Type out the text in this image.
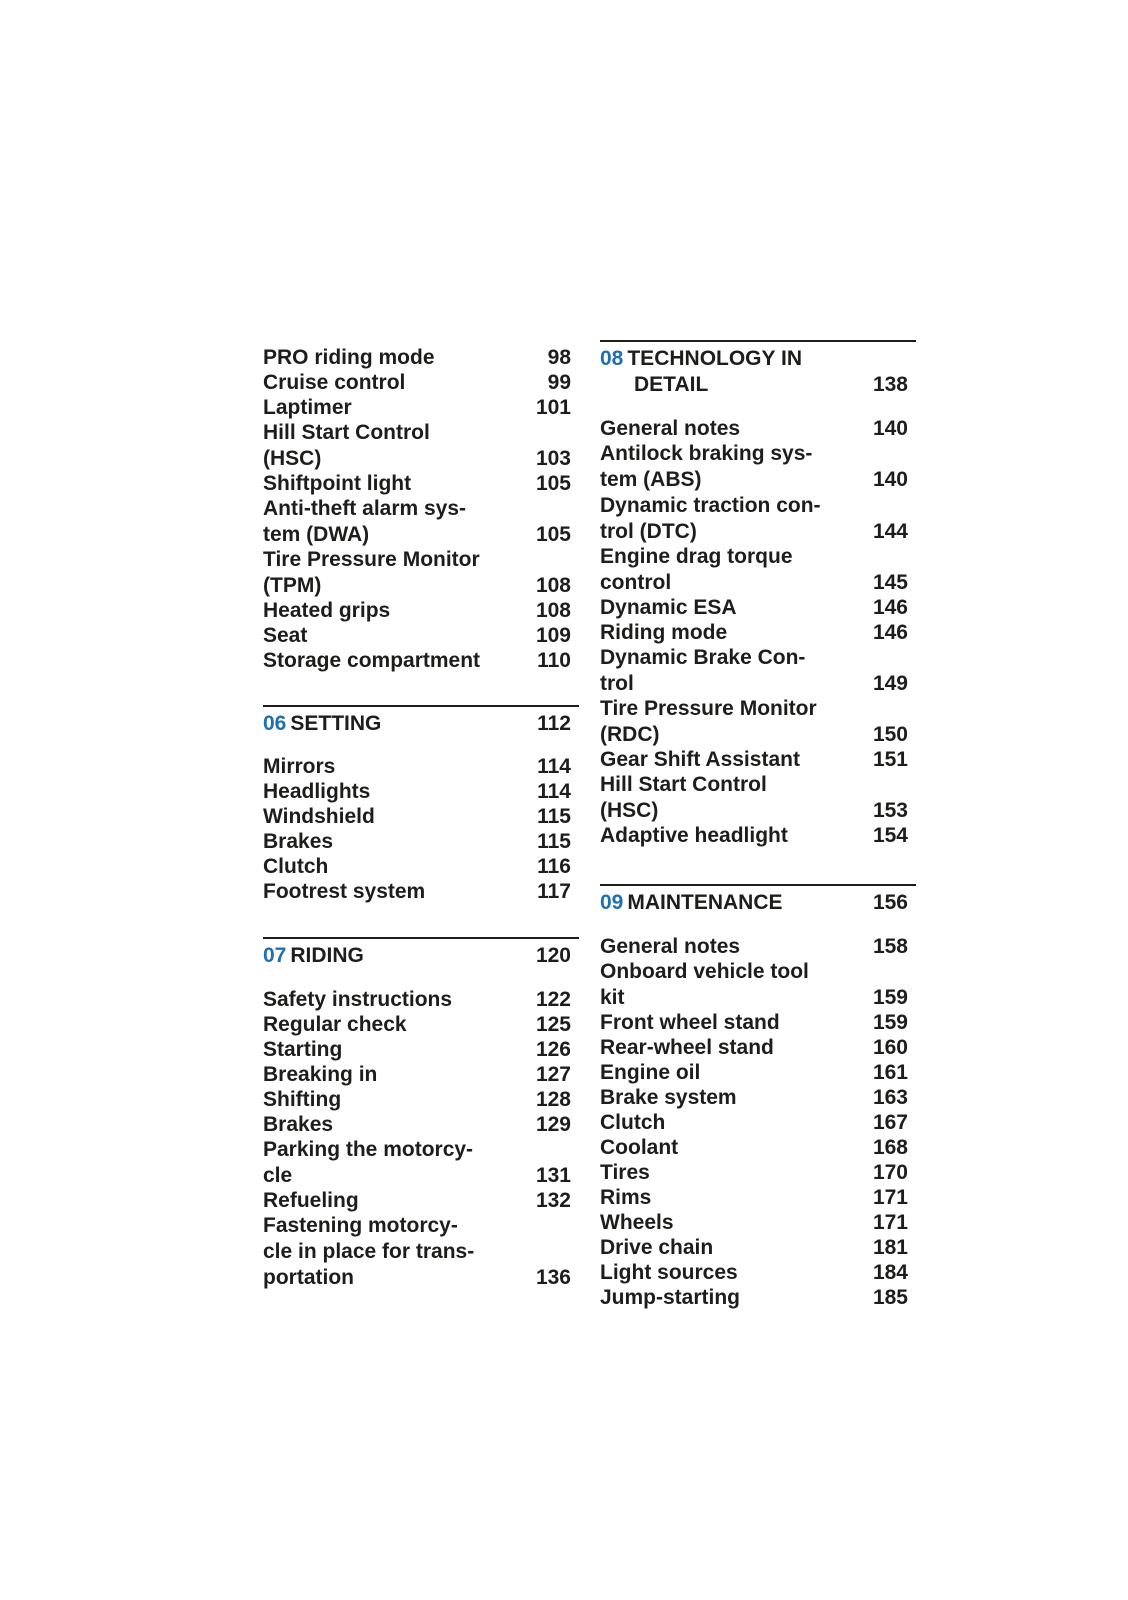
PRO riding mode	98
Cruise control	99
Laptimer	101
Hill Start Control
(HSC)	103
Shiftpoint light	105
Anti-theft alarm sys-
tem (DWA)	105
Tire Pressure Monitor
(TPM)	108
Heated grips	108
Seat	109
Storage compartment	110
06 SETTING	112
Mirrors	114
Headlights	114
Windshield	115
Brakes	115
Clutch	116
Footrest system	117
07 RIDING	120
Safety instructions	122
Regular check	125
Starting	126
Breaking in	127
Shifting	128
Brakes	129
Parking the motorcy-
cle	131
Refueling	132
Fastening motorcy-
cle in place for trans-
portation	136
08 TECHNOLOGY IN
DETAIL	138
General notes	140
Antilock braking sys-
tem (ABS)	140
Dynamic traction con-
trol (DTC)	144
Engine drag torque
control	145
Dynamic ESA	146
Riding mode	146
Dynamic Brake Con-
trol	149
Tire Pressure Monitor
(RDC)	150
Gear Shift Assistant	151
Hill Start Control
(HSC)	153
Adaptive headlight	154
09 MAINTENANCE	156
General notes	158
Onboard vehicle tool
kit	159
Front wheel stand	159
Rear-wheel stand	160
Engine oil	161
Brake system	163
Clutch	167
Coolant	168
Tires	170
Rims	171
Wheels	171
Drive chain	181
Light sources	184
Jump-starting	185
